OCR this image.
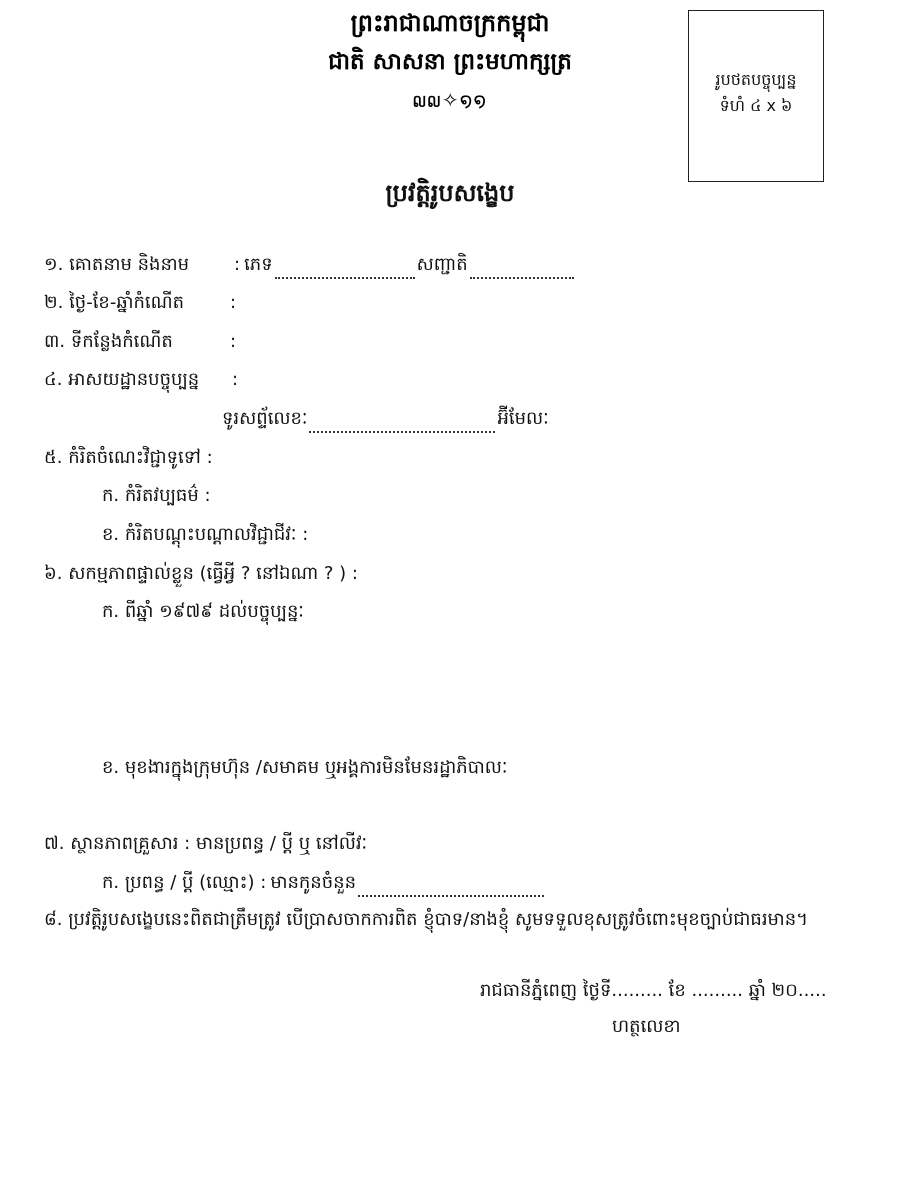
ព្រះរាជាណាចក្រកម្ពុជា
ជាតិ សាសនា ព្រះមហាក្សត្រ
໙໙✧໑໑
រូបថតបច្ចុប្បន្ន
ទំហំ ៤ x ៦
ប្រវត្តិរូបសង្ខេប
១. គោតនាម និងនាម	: ភេទ	សញ្ជាតិ
២. ថ្ងៃ-ខែ-ឆ្នាំកំណើត	:
៣. ទីកន្លែងកំណើត	:
៤. អាសយដ្ឋានបច្ចុប្បន្ន	:
ទូរសព្ទ័លេខៈ	អ៊ីមែលៈ
៥. កំរិតចំណេះវិជ្ជាទូទៅ :
ក. កំរិតវប្បធម៌ :
ខ. កំរិតបណ្តុះបណ្តាលវិជ្ជាជីវៈ :
៦. សកម្មភាពផ្ទាល់ខ្លួន (ធ្វើអ្វី ? នៅឯណា ? ) :
ក. ពីឆ្នាំ ១៩៧៩ ដល់បច្ចុប្បន្នៈ
ខ. មុខងារក្នុងក្រុមហ៊ុន /សមាគម ឬអង្គការមិនមែនរដ្ឋាភិបាលៈ
៧. ស្ថានភាពគ្រួសារ : មានប្រពន្ធ / ប្តី ឬ នៅលីវៈ
ក. ប្រពន្ធ / ប្តី (ឈ្មោះ) : មានកូនចំនួន
៨. ប្រវត្តិរូបសង្ខេបនេះពិតជាត្រឹមត្រូវ បើប្រាសចាកការពិត ខ្ញុំបាទ/នាងខ្ញុំ សូមទទួលខុសត្រូវចំពោះមុខច្បាប់ជាធរមាន។
រាជធានីភ្នំពេញ ថ្ងៃទី......... ខែ ......... ឆ្នាំ ២០.....
ហត្ថលេខា
